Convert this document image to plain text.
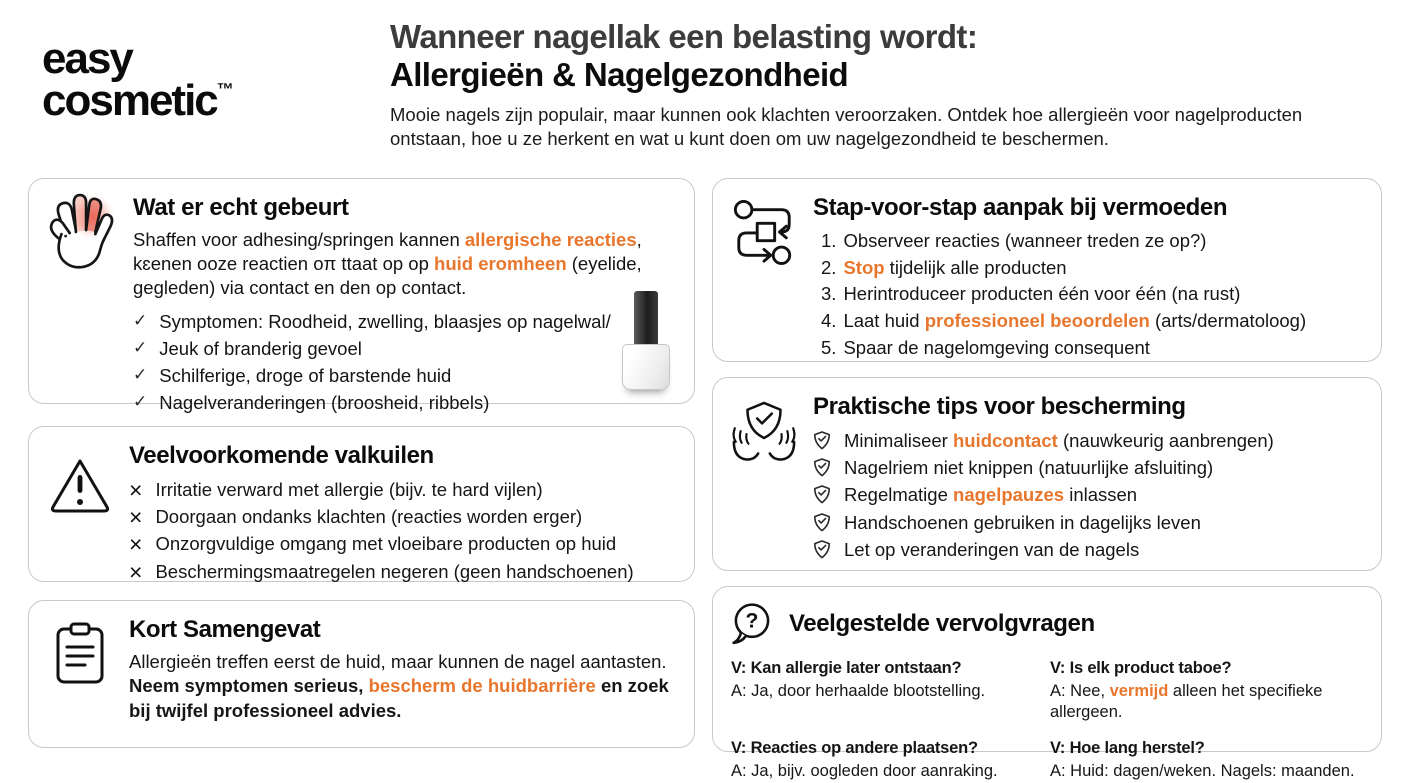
easy
cosmetic™
Wanneer nagellak een belasting wordt:
Allergieën & Nagelgezondheid
Mooie nagels zijn populair, maar kunnen ook klachten veroorzaken. Ontdek hoe allergieën voor nagelproducten ontstaan, hoe u ze herkent en wat u kunt doen om uw nagelgezondheid te beschermen.
Wat er echt gebeurt
Shaffen voor adhesing/springen kannen allergische reacties, kɛenen ooze reactien oπ ttaat op op huid eromheen (eyelide, gegleden) via contact en den op contact.
✓ Symptomen: Roodheid, zwelling, blaasjes op nagelwal/
✓ Jeuk of branderig gevoel
✓ Schilferige, droge of barstende huid
✓ Nagelveranderingen (broosheid, ribbels)
Veelvoorkomende valkuilen
× Irritatie verward met allergie (bijv. te hard vijlen)
× Doorgaan ondanks klachten (reacties worden erger)
× Onzorgvuldige omgang met vloeibare producten op huid
× Beschermingsmaatregelen negeren (geen handschoenen)
Kort Samengevat
Allergieën treffen eerst de huid, maar kunnen de nagel aantasten. Neem symptomen serieus, bescherm de huidbarrière en zoek bij twijfel professioneel advies.
Stap-voor-stap aanpak bij vermoeden
1. Observeer reacties (wanneer treden ze op?)
2. Stop tijdelijk alle producten
3. Herintroduceer producten één voor één (na rust)
4. Laat huid professioneel beoordelen (arts/dermatoloog)
5. Spaar de nagelomgeving consequent
Praktische tips voor bescherming
Minimaliseer huidcontact (nauwkeurig aanbrengen)
Nagelriem niet knippen (natuurlijke afsluiting)
Regelmatige nagelpauzes inlassen
Handschoenen gebruiken in dagelijks leven
Let op veranderingen van de nagels
? Veelgestelde vervolgvragen
V: Kan allergie later ontstaan?
A: Ja, door herhaalde blootstelling.
V: Is elk product taboe?
A: Nee, vermijd alleen het specifieke allergeen.
V: Reacties op andere plaatsen?
A: Ja, bijv. oogleden door aanraking.
V: Hoe lang herstel?
A: Huid: dagen/weken. Nagels: maanden.
